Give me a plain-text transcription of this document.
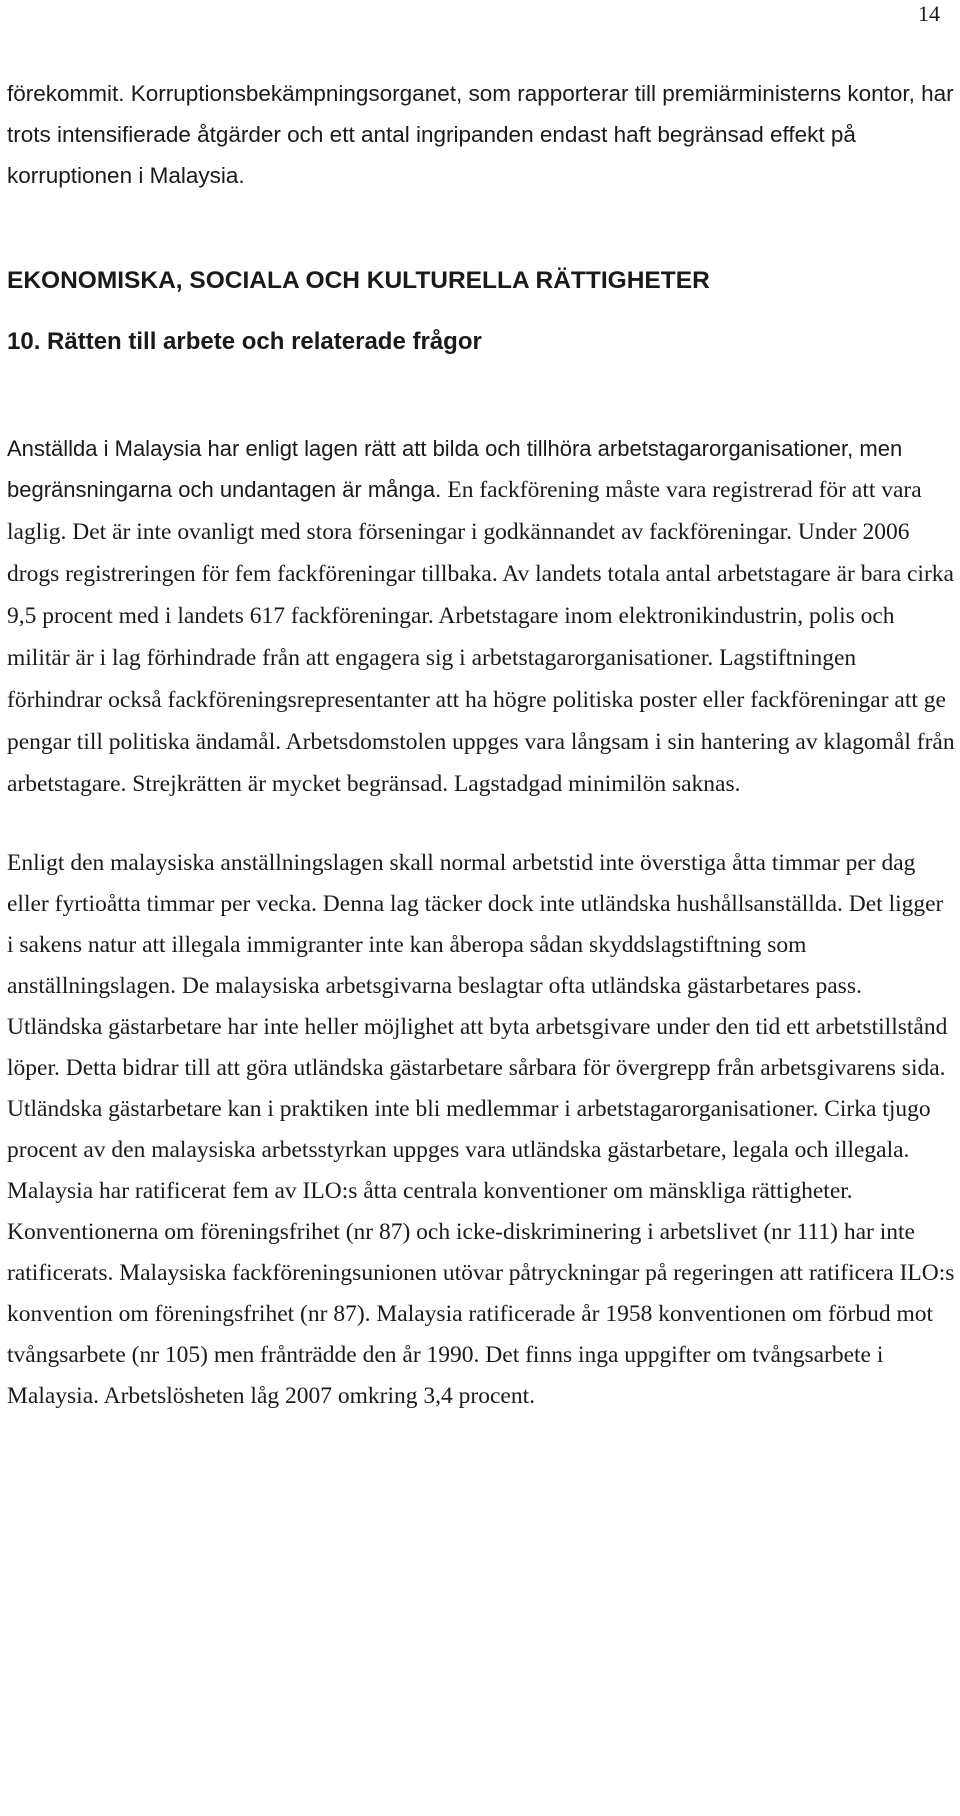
14

förekommit. Korruptionsbekämpningsorganet, som rapporterar till premiärministerns kontor, har trots intensifierade åtgärder och ett antal ingripanden endast haft begränsad effekt på korruptionen i Malaysia.

EKONOMISKA, SOCIALA OCH KULTURELLA RÄTTIGHETER
10. Rätten till arbete och relaterade frågor

Anställda i Malaysia har enligt lagen rätt att bilda och tillhöra arbetstagarorganisationer, men begränsningarna och undantagen är många. En fackförening måste vara registrerad för att vara laglig. Det är inte ovanligt med stora förseningar i godkännandet av fackföreningar. Under 2006 drogs registreringen för fem fackföreningar tillbaka. Av landets totala antal arbetstagare är bara cirka 9,5 procent med i landets 617 fackföreningar. Arbetstagare inom elektronikindustrin, polis och militär är i lag förhindrade från att engagera sig i arbetstagarorganisationer. Lagstiftningen förhindrar också fackföreningsrepresentanter att ha högre politiska poster eller fackföreningar att ge pengar till politiska ändamål. Arbetsdomstolen uppges vara långsam i sin hantering av klagomål från arbetstagare. Strejkrätten är mycket begränsad. Lagstadgad minimilön saknas.

Enligt den malaysiska anställningslagen skall normal arbetstid inte överstiga åtta timmar per dag eller fyrtioåtta timmar per vecka. Denna lag täcker dock inte utländska hushållsanställda. Det ligger i sakens natur att illegala immigranter inte kan åberopa sådan skyddslagstiftning som anställningslagen. De malaysiska arbetsgivarna beslagtar ofta utländska gästarbetares pass. Utländska gästarbetare har inte heller möjlighet att byta arbetsgivare under den tid ett arbetstillstånd löper. Detta bidrar till att göra utländska gästarbetare sårbara för övergrepp från arbetsgivarens sida. Utländska gästarbetare kan i praktiken inte bli medlemmar i arbetstagarorganisationer. Cirka tjugo procent av den malaysiska arbetsstyrkan uppges vara utländska gästarbetare, legala och illegala.

Malaysia har ratificerat fem av ILO:s åtta centrala konventioner om mänskliga rättigheter. Konventionerna om föreningsfrihet (nr 87) och icke-diskriminering i arbetslivet (nr 111) har inte ratificerats. Malaysiska fackföreningsunionen utövar påtryckningar på regeringen att ratificera ILO:s konvention om föreningsfrihet (nr 87). Malaysia ratificerade år 1958 konventionen om förbud mot tvångsarbete (nr 105) men frånträdde den år 1990. Det finns inga uppgifter om tvångsarbete i Malaysia. Arbetslösheten låg 2007 omkring 3,4 procent.
